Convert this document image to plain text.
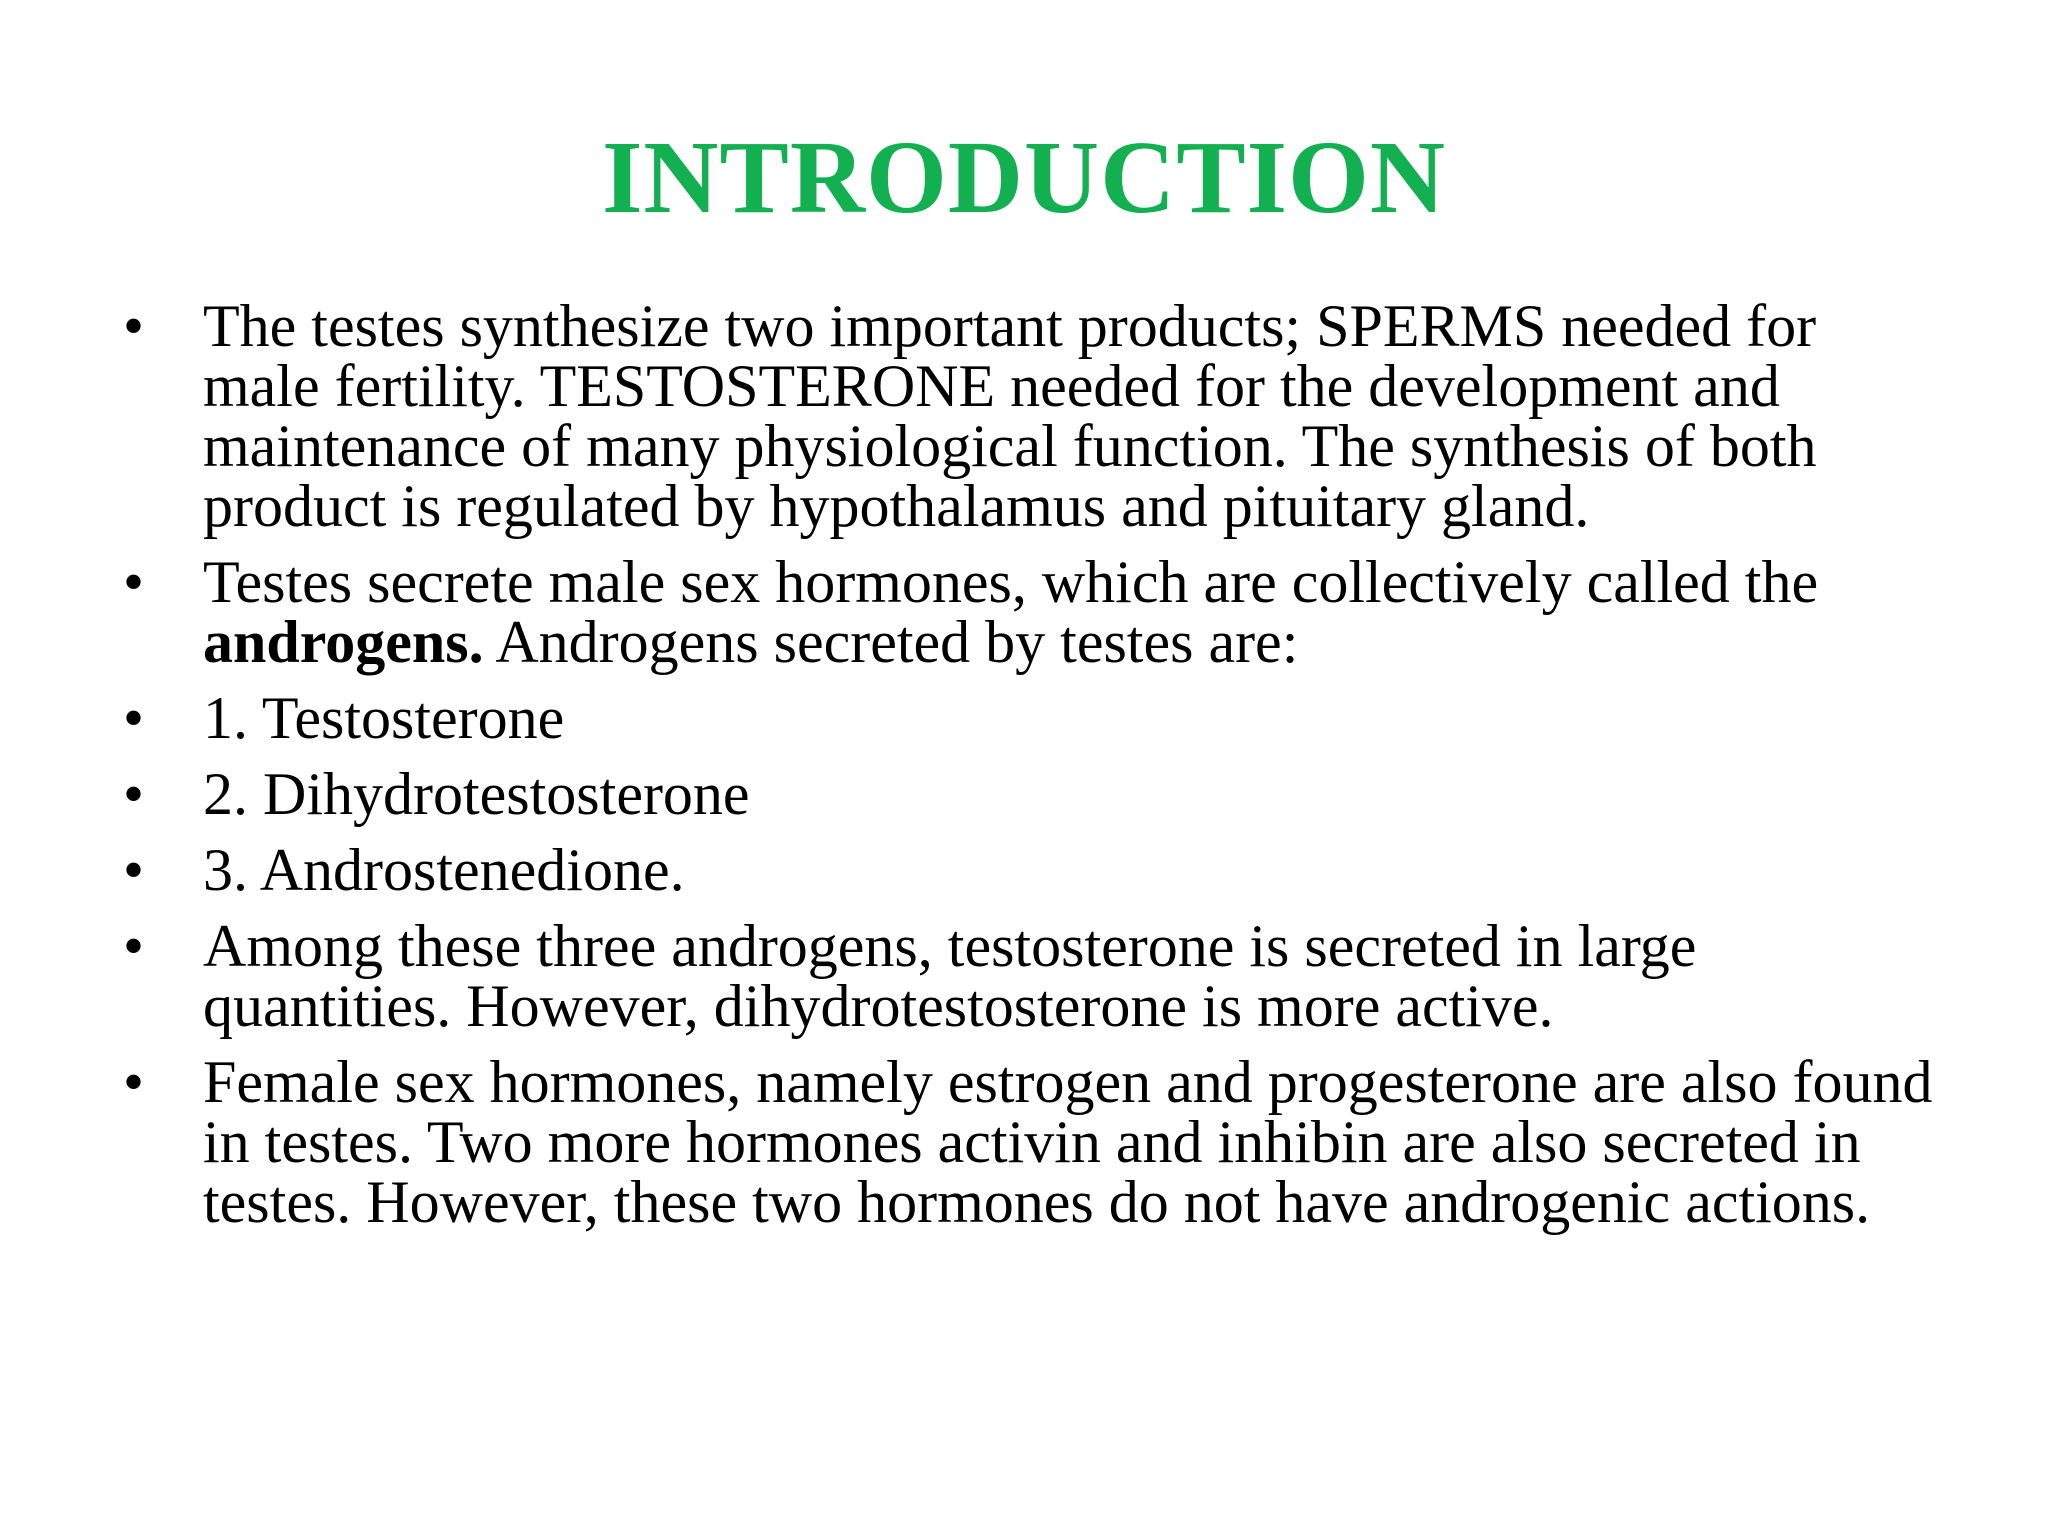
INTRODUCTION
• The testes synthesize two important products; SPERMS needed for male fertility. TESTOSTERONE needed for the development and maintenance of many physiological function. The synthesis of both product is regulated by hypothalamus and pituitary gland.
• Testes secrete male sex hormones, which are collectively called the androgens. Androgens secreted by testes are:
• 1. Testosterone
• 2. Dihydrotestosterone
• 3. Androstenedione.
• Among these three androgens, testosterone is secreted in large quantities. However, dihydrotestosterone is more active.
• Female sex hormones, namely estrogen and progesterone are also found in testes. Two more hormones activin and inhibin are also secreted in testes. However, these two hormones do not have androgenic actions.
